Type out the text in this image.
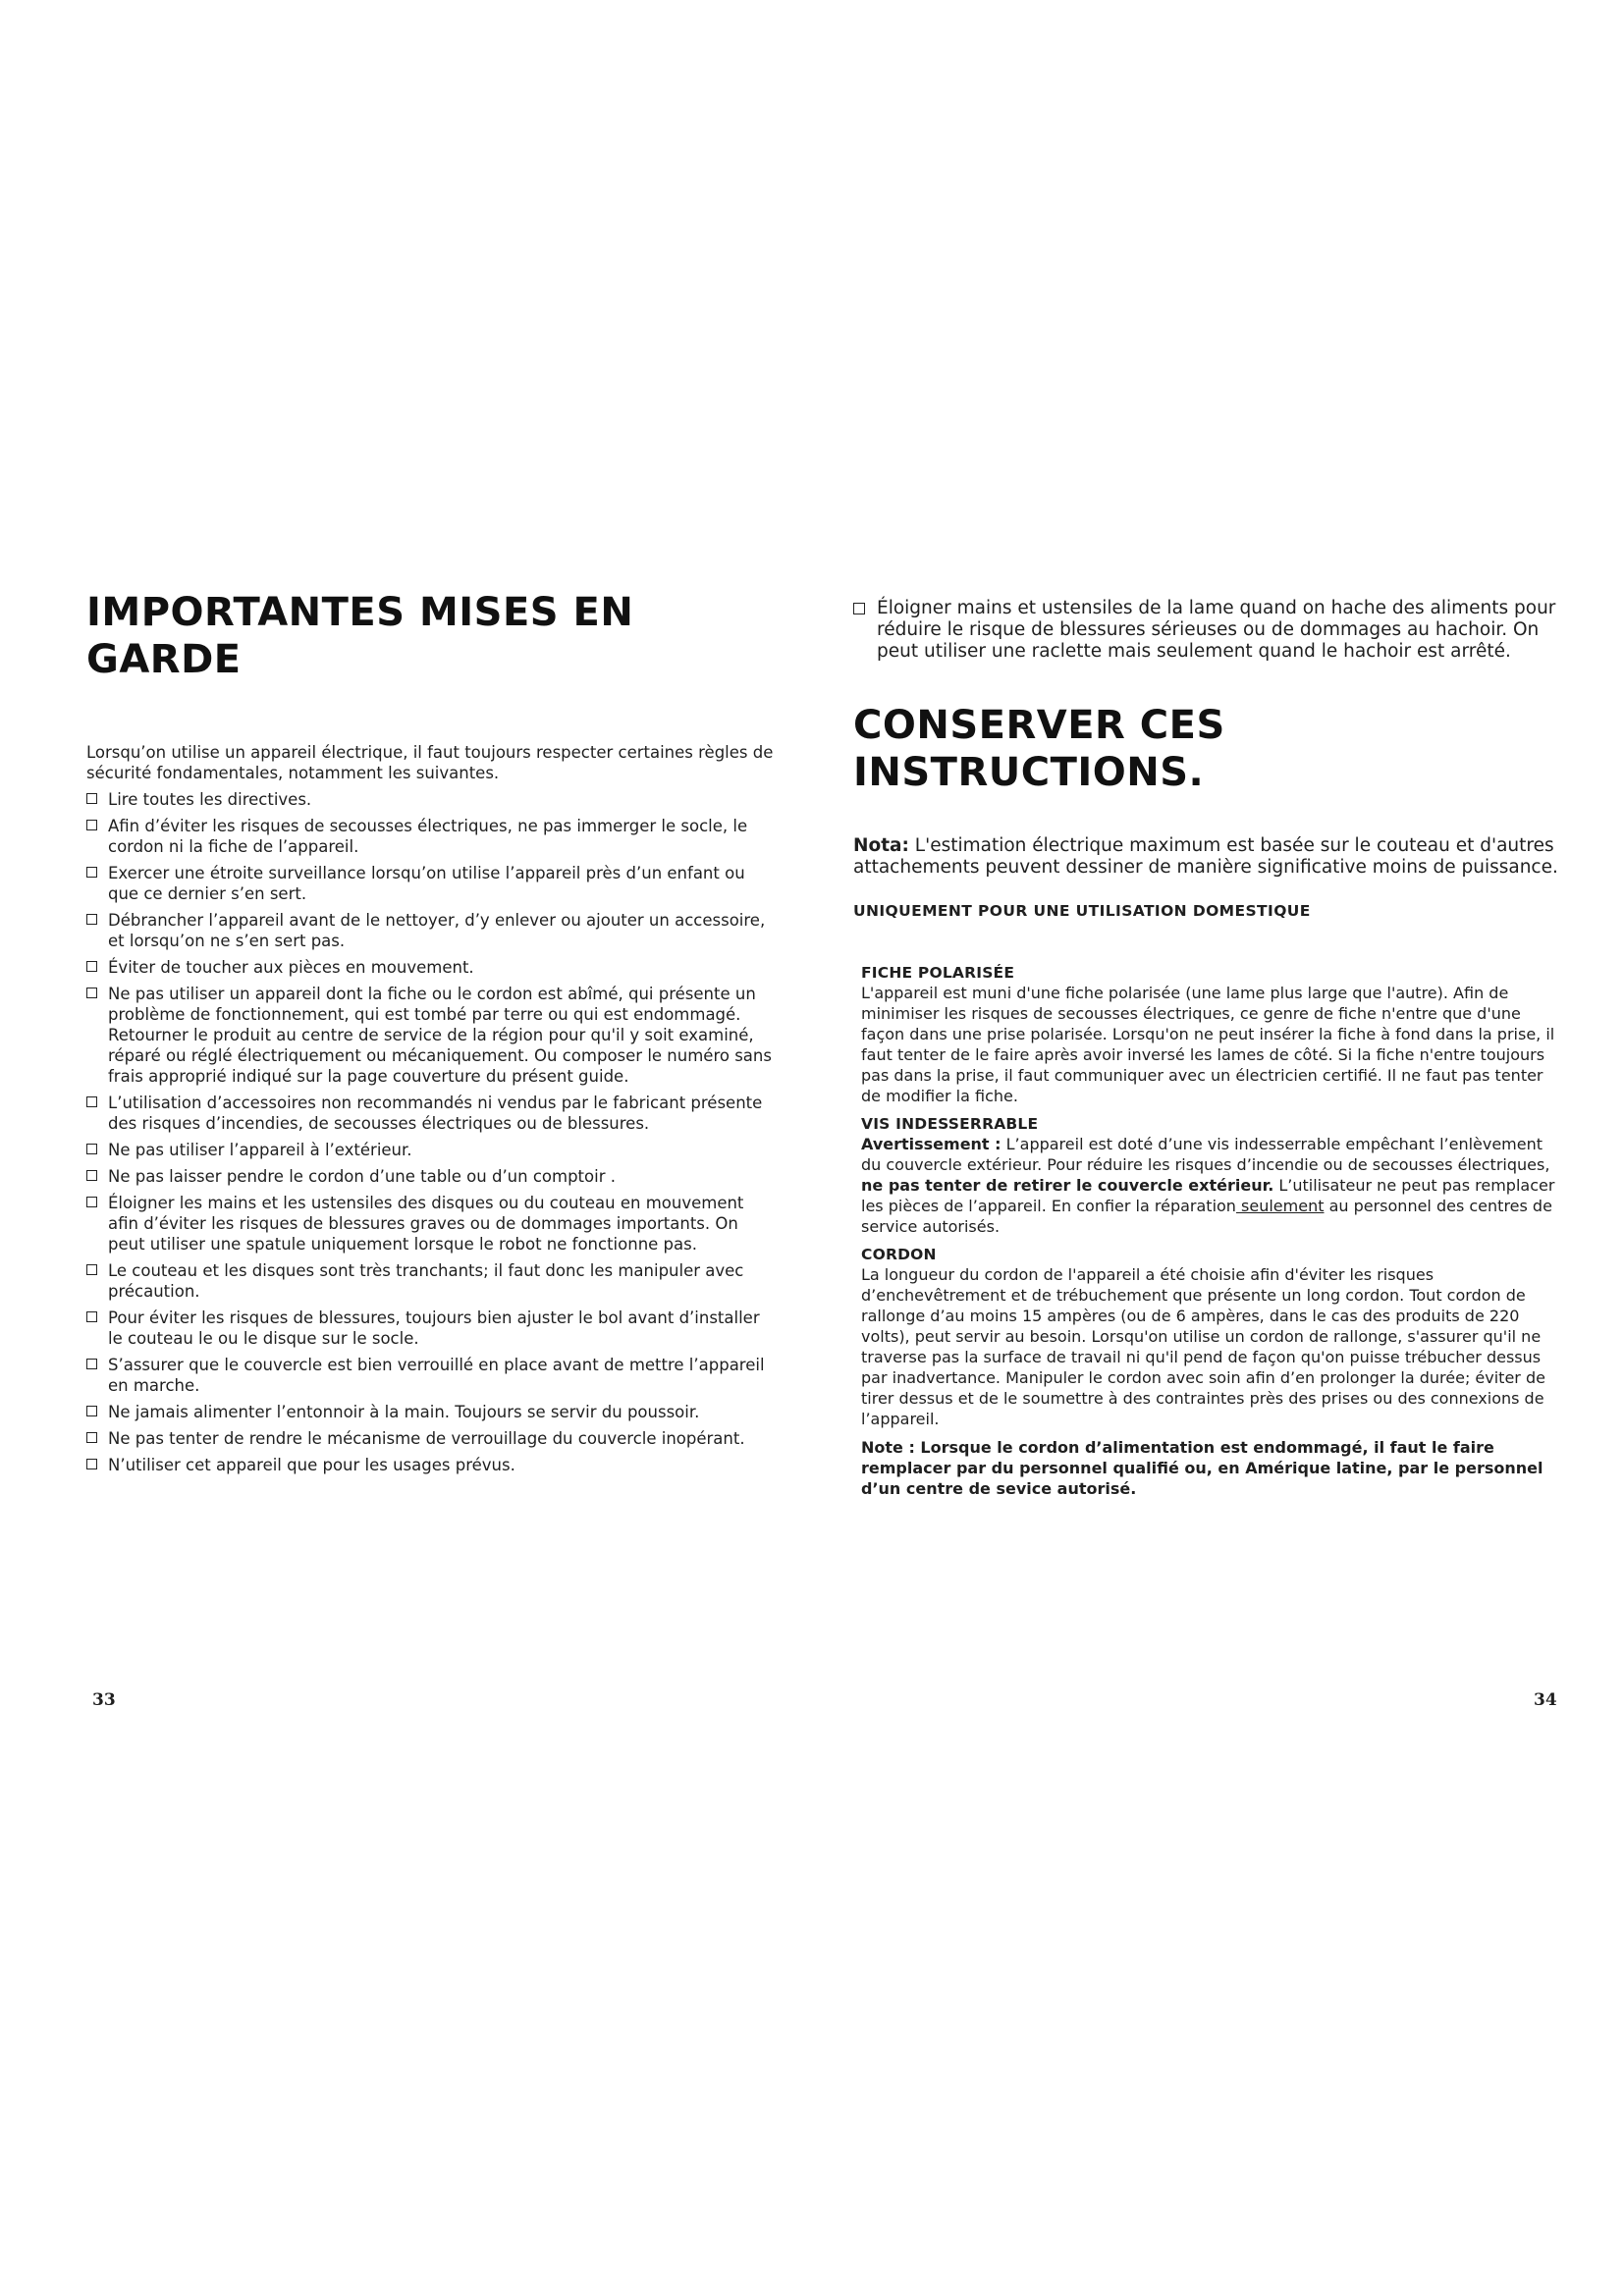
IMPORTANTES MISES EN GARDE

Lorsqu’on utilise un appareil électrique, il faut toujours respecter certaines règles de sécurité fondamentales, notamment les suivantes.

Lire toutes les directives.
Afin d’éviter les risques de secousses électriques, ne pas immerger le socle, le cordon ni la fiche de l’appareil.
Exercer une étroite surveillance lorsqu’on utilise l’appareil près d’un enfant ou que ce dernier s’en sert.
Débrancher l’appareil avant de le nettoyer, d’y enlever ou ajouter un accessoire, et lorsqu’on ne s’en sert pas.
Éviter de toucher aux pièces en mouvement.
Ne pas utiliser un appareil dont la fiche ou le cordon est abîmé, qui présente un problème de fonctionnement, qui est tombé par terre ou qui est endommagé. Retourner le produit au centre de service de la région pour qu'il y soit examiné, réparé ou réglé électriquement ou mécaniquement. Ou composer le numéro sans frais approprié indiqué sur la page couverture du présent guide.
L’utilisation d’accessoires non recommandés ni vendus par le fabricant présente des risques d’incendies, de secousses électriques ou de blessures.
Ne pas utiliser l’appareil à l’extérieur.
Ne pas laisser pendre le cordon d’une table ou d’un comptoir .
Éloigner les mains et les ustensiles des disques ou du couteau en mouvement afin d’éviter les risques de blessures graves ou de dommages importants. On peut utiliser une spatule uniquement lorsque le robot ne fonctionne pas.
Le couteau et les disques sont très tranchants; il faut donc les manipuler avec précaution.
Pour éviter les risques de blessures, toujours bien ajuster le bol avant d’installer le couteau le ou le disque sur le socle.
S’assurer que le couvercle est bien verrouillé en place avant de mettre l’appareil en marche.
Ne jamais alimenter l’entonnoir à la main. Toujours se servir du poussoir.
Ne pas tenter de rendre le mécanisme de verrouillage du couvercle inopérant.
N’utiliser cet appareil que pour les usages prévus.
33
Éloigner mains et ustensiles de la lame quand on hache des aliments pour réduire le risque de blessures sérieuses ou de dommages au hachoir. On peut utiliser une raclette mais seulement quand le hachoir est arrêté.
CONSERVER CES INSTRUCTIONS.

Nota: L'estimation électrique maximum est basée sur le couteau et d'autres attachements peuvent dessiner de manière significative moins de puissance.

UNIQUEMENT POUR UNE UTILISATION DOMESTIQUE
FICHE POLARISÉE

L'appareil est muni d'une fiche polarisée (une lame plus large que l'autre). Afin de minimiser les risques de secousses électriques, ce genre de fiche n'entre que d'une façon dans une prise polarisée. Lorsqu'on ne peut insérer la fiche à fond dans la prise, il faut tenter de le faire après avoir inversé les lames de côté. Si la fiche n'entre toujours pas dans la prise, il faut communiquer avec un électricien certifié. Il ne faut pas tenter de modifier la fiche.

VIS INDESSERRABLE

Avertissement : L’appareil est doté d’une vis indesserrable empêchant l’enlèvement du couvercle extérieur. Pour réduire les risques d’incendie ou de secousses électriques, ne pas tenter de retirer le couvercle extérieur. L’utilisateur ne peut pas remplacer les pièces de l’appareil. En confier la réparation seulement au personnel des centres de service autorisés.

CORDON

La longueur du cordon de l'appareil a été choisie afin d'éviter les risques d’enchevêtrement et de trébuchement que présente un long cordon. Tout cordon de rallonge d’au moins 15 ampères (ou de 6 ampères, dans le cas des produits de 220 volts), peut servir au besoin. Lorsqu'on utilise un cordon de rallonge, s'assurer qu'il ne traverse pas la surface de travail ni qu'il pend de façon qu'on puisse trébucher dessus par inadvertance. Manipuler le cordon avec soin afin d’en prolonger la durée; éviter de tirer dessus et de le soumettre à des contraintes près des prises ou des connexions de l’appareil.

Note : Lorsque le cordon d’alimentation est endommagé, il faut le faire remplacer par du personnel qualifié ou, en Amérique latine, par le personnel d’un centre de sevice autorisé.

34
